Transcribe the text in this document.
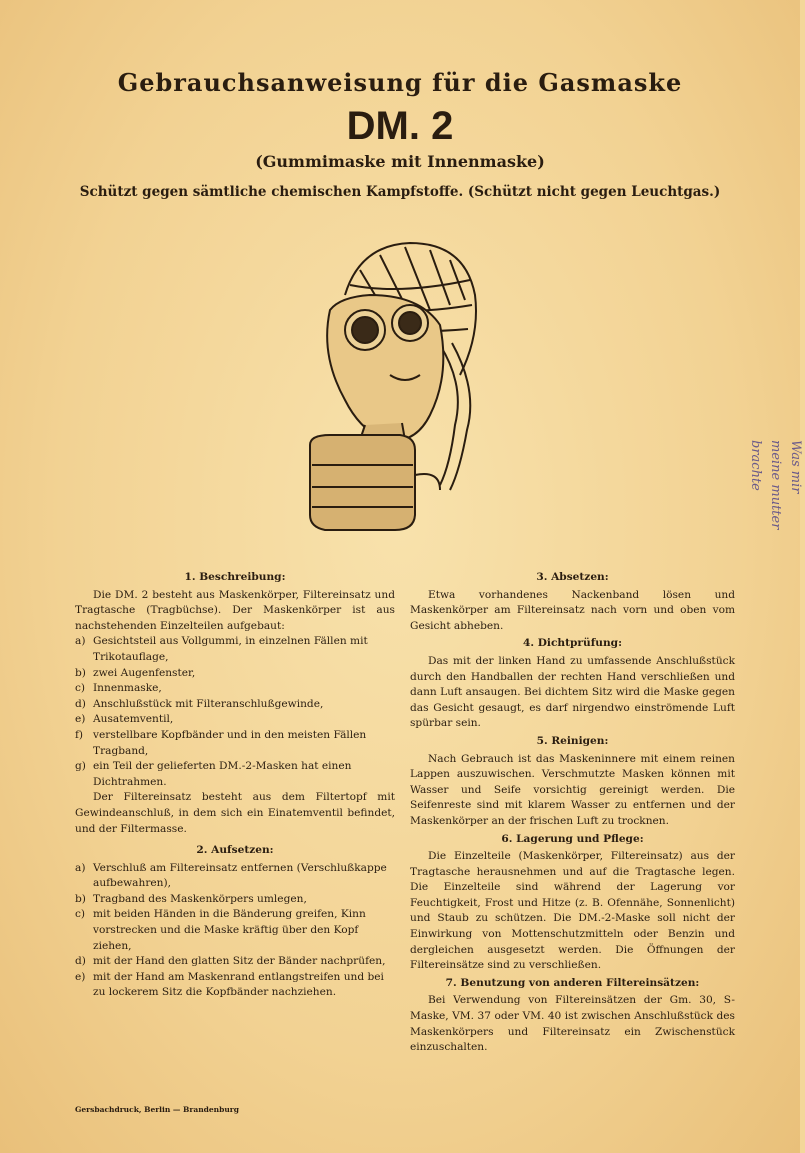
Gebrauchsanweisung für die Gasmaske
DM. 2
(Gummimaske mit Innenmaske)
Schützt gegen sämtliche chemischen Kampfstoffe. (Schützt nicht gegen Leuchtgas.)
Was mir
meine mutter
brachte
1. Beschreibung:

Die DM. 2 besteht aus Maskenkörper, Filtereinsatz und Tragtasche (Tragbüchse). Der Maskenkörper ist aus nachstehenden Einzelteilen aufgebaut:

a) Gesichtsteil aus Vollgummi, in einzelnen Fällen mit Trikotauflage,
b) zwei Augenfenster,
c) Innenmaske,
d) Anschlußstück mit Filteranschlußgewinde,
e) Ausatemventil,
f) verstellbare Kopfbänder und in den meisten Fällen Tragband,
g) ein Teil der gelieferten DM.-2-Masken hat einen Dichtrahmen.

Der Filtereinsatz besteht aus dem Filtertopf mit Gewindeanschluß, in dem sich ein Einatemventil befindet, und der Filtermasse.

2. Aufsetzen:
a) Verschluß am Filtereinsatz entfernen (Verschlußkappe aufbewahren),
b) Tragband des Maskenkörpers umlegen,
c) mit beiden Händen in die Bänderung greifen, Kinn vorstrecken und die Maske kräftig über den Kopf ziehen,
d) mit der Hand den glatten Sitz der Bänder nachprüfen,
e) mit der Hand am Maskenrand entlangstreifen und bei zu lockerem Sitz die Kopfbänder nachziehen.
3. Absetzen:

Etwa vorhandenes Nackenband lösen und Maskenkörper am Filtereinsatz nach vorn und oben vom Gesicht abheben.

4. Dichtprüfung:

Das mit der linken Hand zu umfassende Anschlußstück durch den Handballen der rechten Hand verschließen und dann Luft ansaugen. Bei dichtem Sitz wird die Maske gegen das Gesicht gesaugt, es darf nirgendwo einströmende Luft spürbar sein.

5. Reinigen:

Nach Gebrauch ist das Maskeninnere mit einem reinen Lappen auszuwischen. Verschmutzte Masken können mit Wasser und Seife vorsichtig gereinigt werden. Die Seifenreste sind mit klarem Wasser zu entfernen und der Maskenkörper an der frischen Luft zu trocknen.

6. Lagerung und Pflege:

Die Einzelteile (Maskenkörper, Filtereinsatz) aus der Tragtasche herausnehmen und auf die Tragtasche legen. Die Einzelteile sind während der Lagerung vor Feuchtigkeit, Frost und Hitze (z. B. Ofennähe, Sonnenlicht) und Staub zu schützen. Die DM.-2-Maske soll nicht der Einwirkung von Mottenschutzmitteln oder Benzin und dergleichen ausgesetzt werden. Die Öffnungen der Filtereinsätze sind zu verschließen.

7. Benutzung von anderen Filtereinsätzen:

Bei Verwendung von Filtereinsätzen der Gm. 30, S-Maske, VM. 37 oder VM. 40 ist zwischen Anschlußstück des Maskenkörpers und Filtereinsatz ein Zwischenstück einzuschalten.

Gersbachdruck, Berlin — Brandenburg
